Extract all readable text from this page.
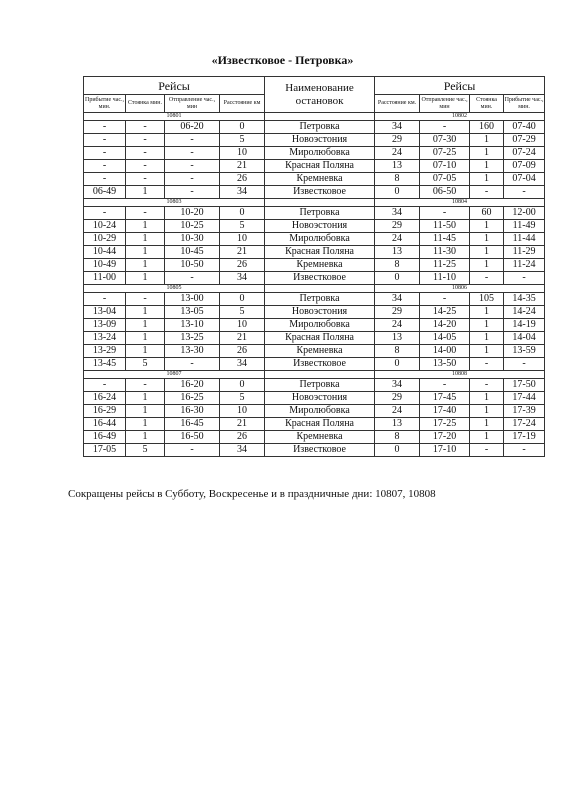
«Известковое - Петровка»
Рейсы				Наименование остановок	Рейсы			
Прибытие час., мин.	Стоянка мин.	Отправление час., мин	Расстояние км		Расстояние км.	Отправление час., мин	Стоянка мин.	Прибытие час., мин.
10801					10802			
-	-	06-20	0	Петровка	34	-	160	07-40
-	-	-	5	Новоэстония	29	07-30	1	07-29
-	-	-	10	Миролюбовка	24	07-25	1	07-24
-	-	-	21	Красная Поляна	13	07-10	1	07-09
-	-	-	26	Кремневка	8	07-05	1	07-04
06-49	1	-	34	Известковое	0	06-50	-	-
10803					10804			
-	-	10-20	0	Петровка	34	-	60	12-00
10-24	1	10-25	5	Новоэстония	29	11-50	1	11-49
10-29	1	10-30	10	Миролюбовка	24	11-45	1	11-44
10-44	1	10-45	21	Красная Поляна	13	11-30	1	11-29
10-49	1	10-50	26	Кремневка	8	11-25	1	11-24
11-00	1	-	34	Известковое	0	11-10	-	-
10805					10806			
-	-	13-00	0	Петровка	34	-	105	14-35
13-04	1	13-05	5	Новоэстония	29	14-25	1	14-24
13-09	1	13-10	10	Миролюбовка	24	14-20	1	14-19
13-24	1	13-25	21	Красная Поляна	13	14-05	1	14-04
13-29	1	13-30	26	Кремневка	8	14-00	1	13-59
13-45	5	-	34	Известковое	0	13-50	-	-
10807					10808			
-	-	16-20	0	Петровка	34	-	-	17-50
16-24	1	16-25	5	Новоэстония	29	17-45	1	17-44
16-29	1	16-30	10	Миролюбовка	24	17-40	1	17-39
16-44	1	16-45	21	Красная Поляна	13	17-25	1	17-24
16-49	1	16-50	26	Кремневка	8	17-20	1	17-19
17-05	5	-	34	Известковое	0	17-10	-	-
Сокращены рейсы в Субботу, Воскресенье и в праздничные дни: 10807, 10808
